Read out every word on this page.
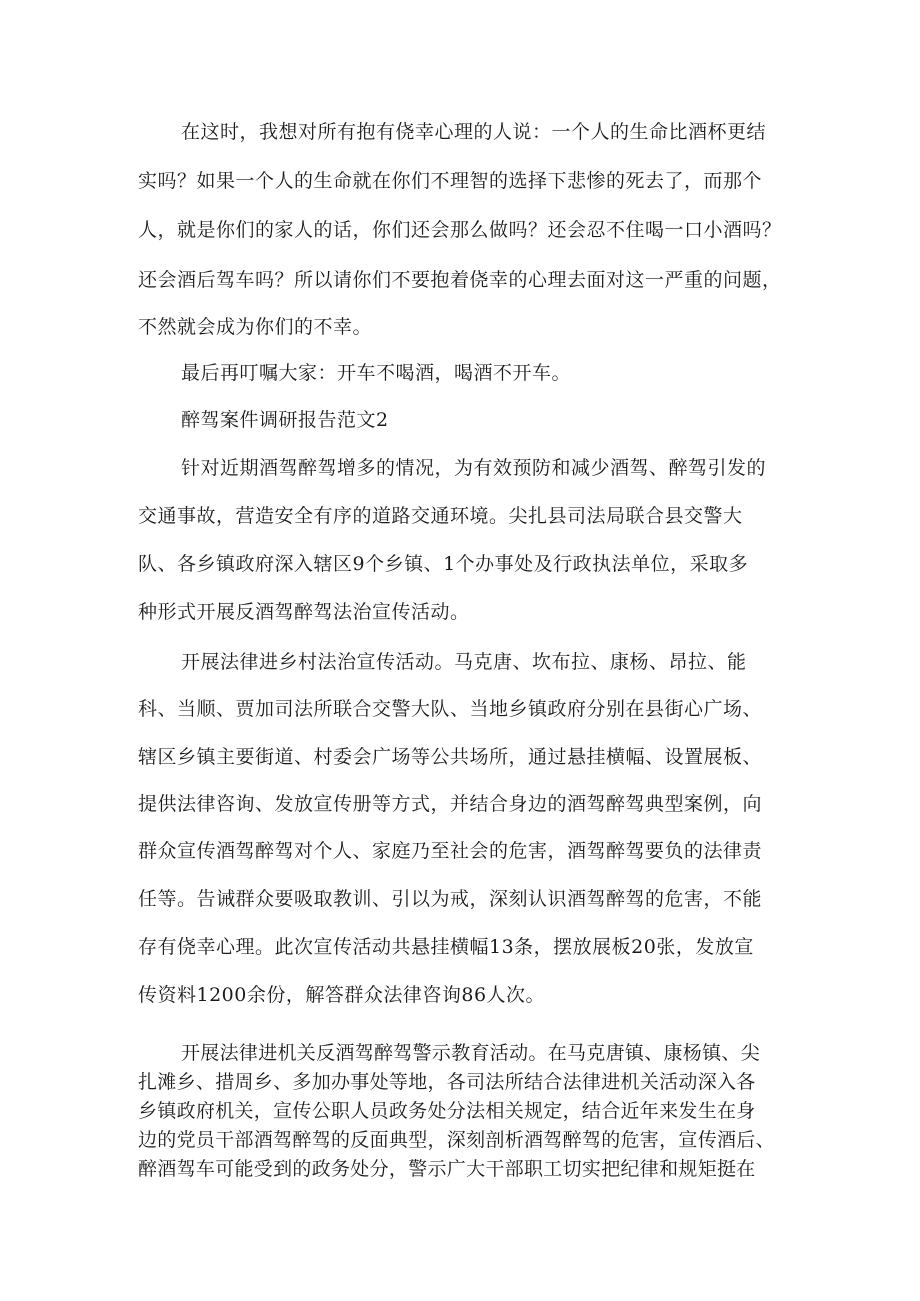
在这时，我想对所有抱有侥幸心理的人说：一个人的生命比酒杯更结
实吗？如果一个人的生命就在你们不理智的选择下悲惨的死去了，而那个
人，就是你们的家人的话，你们还会那么做吗？还会忍不住喝一口小酒吗？
还会酒后驾车吗？所以请你们不要抱着侥幸的心理去面对这一严重的问题，
不然就会成为你们的不幸。
最后再叮嘱大家：开车不喝酒，喝酒不开车。
醉驾案件调研报告范文2
针对近期酒驾醉驾增多的情况，为有效预防和减少酒驾、醉驾引发的
交通事故，营造安全有序的道路交通环境。尖扎县司法局联合县交警大
队、各乡镇政府深入辖区9个乡镇、1个办事处及行政执法单位，采取多
种形式开展反酒驾醉驾法治宣传活动。
开展法律进乡村法治宣传活动。马克唐、坎布拉、康杨、昂拉、能
科、当顺、贾加司法所联合交警大队、当地乡镇政府分别在县街心广场、
辖区乡镇主要街道、村委会广场等公共场所，通过悬挂横幅、设置展板、
提供法律咨询、发放宣传册等方式，并结合身边的酒驾醉驾典型案例，向
群众宣传酒驾醉驾对个人、家庭乃至社会的危害，酒驾醉驾要负的法律责
任等。告诫群众要吸取教训、引以为戒，深刻认识酒驾醉驾的危害，不能
存有侥幸心理。此次宣传活动共悬挂横幅13条，摆放展板20张，发放宣
传资料1200余份，解答群众法律咨询86人次。
开展法律进机关反酒驾醉驾警示教育活动。在马克唐镇、康杨镇、尖
扎滩乡、措周乡、多加办事处等地，各司法所结合法律进机关活动深入各
乡镇政府机关，宣传公职人员政务处分法相关规定，结合近年来发生在身
边的党员干部酒驾醉驾的反面典型，深刻剖析酒驾醉驾的危害，宣传酒后、
醉酒驾车可能受到的政务处分，警示广大干部职工切实把纪律和规矩挺在
